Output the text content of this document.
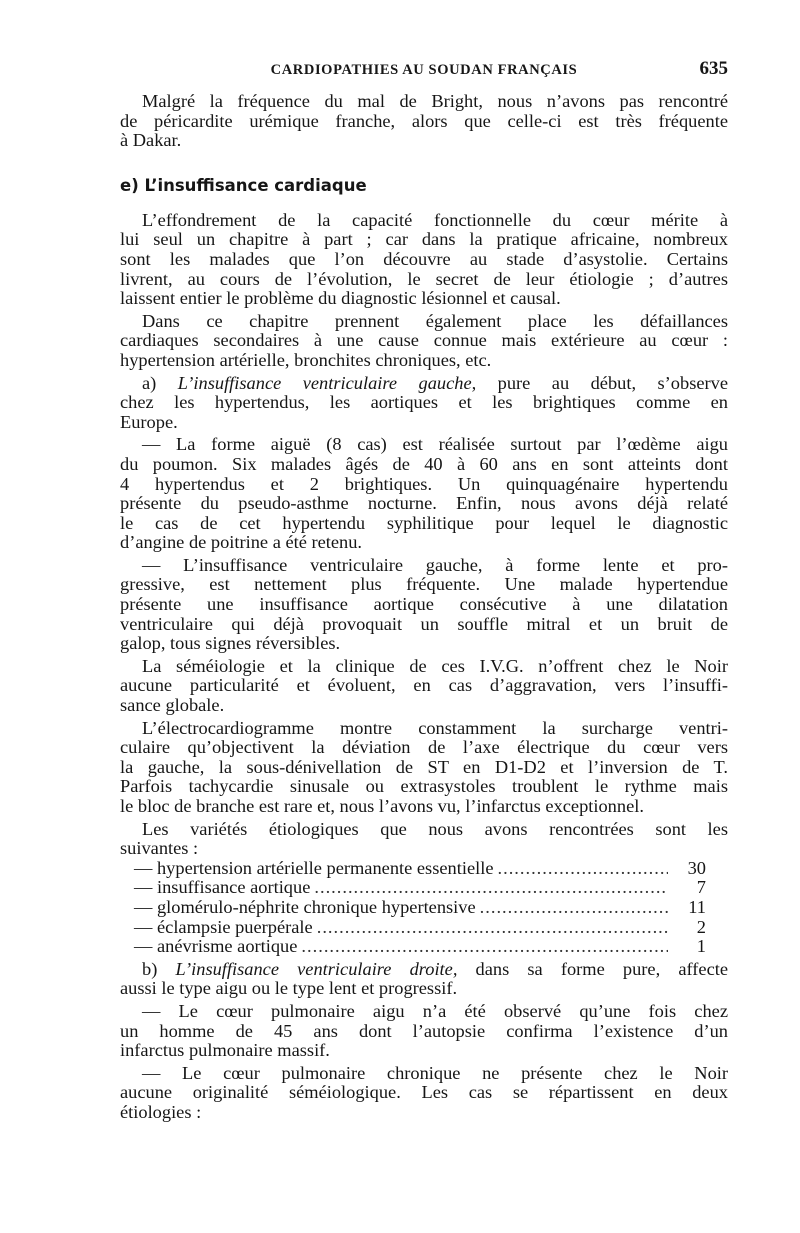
CARDIOPATHIES AU SOUDAN FRANÇAIS	635
Malgré la fréquence du mal de Bright, nous n’avons pas rencontré
de péricardite urémique franche, alors que celle-ci est très fréquente
à Dakar.
e) L’insuffisance cardiaque
L’effondrement de la capacité fonctionnelle du cœur mérite à
lui seul un chapitre à part ; car dans la pratique africaine, nombreux
sont les malades que l’on découvre au stade d’asystolie. Certains
livrent, au cours de l’évolution, le secret de leur étiologie ; d’autres
laissent entier le problème du diagnostic lésionnel et causal.
Dans ce chapitre prennent également place les défaillances
cardiaques secondaires à une cause connue mais extérieure au cœur :
hypertension artérielle, bronchites chroniques, etc.
a) L’insuffisance ventriculaire gauche, pure au début, s’observe
chez les hypertendus, les aortiques et les brightiques comme en
Europe.
— La forme aiguë (8 cas) est réalisée surtout par l’œdème aigu
du poumon. Six malades âgés de 40 à 60 ans en sont atteints dont
4 hypertendus et 2 brightiques. Un quinquagénaire hypertendu
présente du pseudo-asthme nocturne. Enfin, nous avons déjà relaté
le cas de cet hypertendu syphilitique pour lequel le diagnostic
d’angine de poitrine a été retenu.
— L’insuffisance ventriculaire gauche, à forme lente et pro-
gressive, est nettement plus fréquente. Une malade hypertendue
présente une insuffisance aortique consécutive à une dilatation
ventriculaire qui déjà provoquait un souffle mitral et un bruit de
galop, tous signes réversibles.
La séméiologie et la clinique de ces I.V.G. n’offrent chez le Noir
aucune particularité et évoluent, en cas d’aggravation, vers l’insuffi-
sance globale.
L’électrocardiogramme montre constamment la surcharge ventri-
culaire qu’objectivent la déviation de l’axe électrique du cœur vers
la gauche, la sous-dénivellation de ST en D1-D2 et l’inversion de T.
Parfois tachycardie sinusale ou extrasystoles troublent le rythme mais
le bloc de branche est rare et, nous l’avons vu, l’infarctus exceptionnel.
Les variétés étiologiques que nous avons rencontrées sont les
suivantes :
— hypertension artérielle permanente essentielle .....	30
— insuffisance aortique .....	7
— glomérulo-néphrite chronique hypertensive .....	11
— éclampsie puerpérale .....	2
— anévrisme aortique .....	1
b) L’insuffisance ventriculaire droite, dans sa forme pure, affecte
aussi le type aigu ou le type lent et progressif.
— Le cœur pulmonaire aigu n’a été observé qu’une fois chez
un homme de 45 ans dont l’autopsie confirma l’existence d’un
infarctus pulmonaire massif.
— Le cœur pulmonaire chronique ne présente chez le Noir
aucune originalité séméiologique. Les cas se répartissent en deux
étiologies :
